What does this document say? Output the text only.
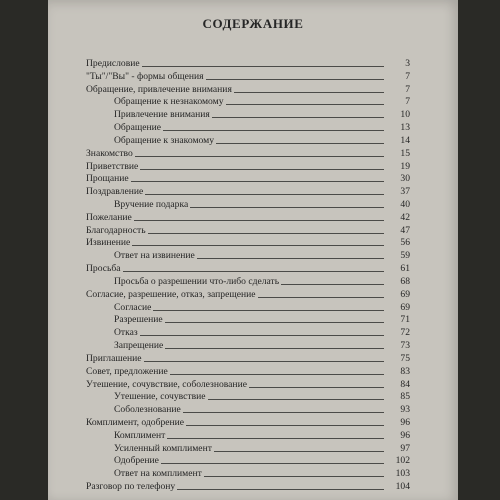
СОДЕРЖАНИЕ
Предисловие	3
"Ты"/"Вы" - формы общения	7
Обращение, привлечение внимания	7
Обращение к незнакомому	7
Привлечение внимания	10
Обращение	13
Обращение к знакомому	14
Знакомство	15
Приветствие	19
Прощание	30
Поздравление	37
Вручение подарка	40
Пожелание	42
Благодарность	47
Извинение	56
Ответ на извинение	59
Просьба	61
Просьба о разрешении что-либо сделать	68
Согласие, разрешение, отказ, запрещение	69
Согласие	69
Разрешение	71
Отказ	72
Запрещение	73
Приглашение	75
Совет, предложение	83
Утешение, сочувствие, соболезнование	84
Утешение, сочувствие	85
Соболезнование	93
Комплимент, одобрение	96
Комплимент	96
Усиленный комплимент	97
Одобрение	102
Ответ на комплимент	103
Разговор по телефону	104
